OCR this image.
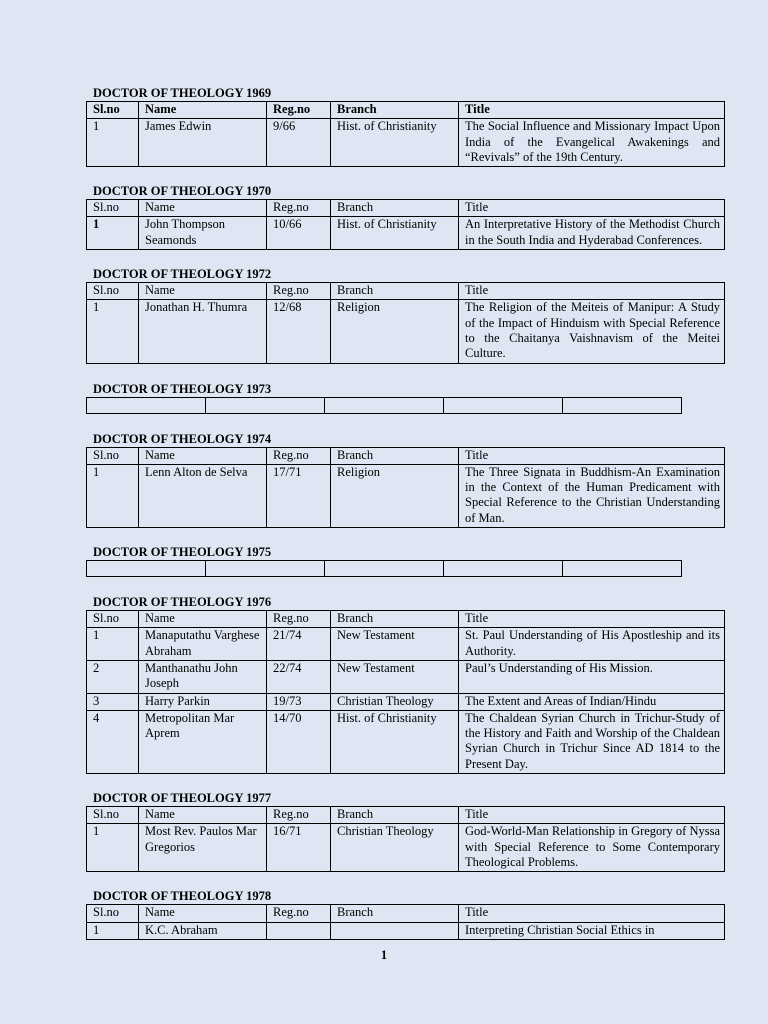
DOCTOR OF THEOLOGY 1969
Sl.no	Name	Reg.no	Branch	Title
1	James Edwin	9/66	Hist. of Christianity	The Social Influence and Missionary Impact Upon India of the Evangelical Awakenings and “Revivals” of the 19th Century.
DOCTOR OF THEOLOGY 1970
Sl.no	Name	Reg.no	Branch	Title
1	John Thompson Seamonds	10/66	Hist. of Christianity	An Interpretative History of the Methodist Church in the South India and Hyderabad Conferences.
DOCTOR OF THEOLOGY 1972
Sl.no	Name	Reg.no	Branch	Title
1	Jonathan H. Thumra	12/68	Religion	The Religion of the Meiteis of Manipur: A Study of the Impact of Hinduism with Special Reference to the Chaitanya Vaishnavism of the Meitei Culture.
DOCTOR OF THEOLOGY 1973

DOCTOR OF THEOLOGY 1974
Sl.no	Name	Reg.no	Branch	Title
1	Lenn Alton de Selva	17/71	Religion	The Three Signata in Buddhism-An Examination in the Context of the Human Predicament with Special Reference to the Christian Understanding of Man.
DOCTOR OF THEOLOGY 1975

DOCTOR OF THEOLOGY 1976
Sl.no	Name	Reg.no	Branch	Title
1	Manaputathu Varghese Abraham	21/74	New Testament	St. Paul Understanding of His Apostleship and its Authority.
2	Manthanathu John Joseph	22/74	New Testament	Paul’s Understanding of His Mission.
3	Harry Parkin	19/73	Christian Theology	The Extent and Areas of Indian/Hindu
4	Metropolitan Mar Aprem	14/70	Hist. of Christianity	The Chaldean Syrian Church in Trichur-Study of the History and Faith and Worship of the Chaldean Syrian Church in Trichur Since AD 1814 to the Present Day.
DOCTOR OF THEOLOGY 1977
Sl.no	Name	Reg.no	Branch	Title
1	Most Rev. Paulos Mar Gregorios	16/71	Christian Theology	God-World-Man Relationship in Gregory of Nyssa with Special Reference to Some Contemporary Theological Problems.
DOCTOR OF THEOLOGY 1978
Sl.no	Name	Reg.no	Branch	Title
1	K.C. Abraham			Interpreting Christian Social Ethics in
1
